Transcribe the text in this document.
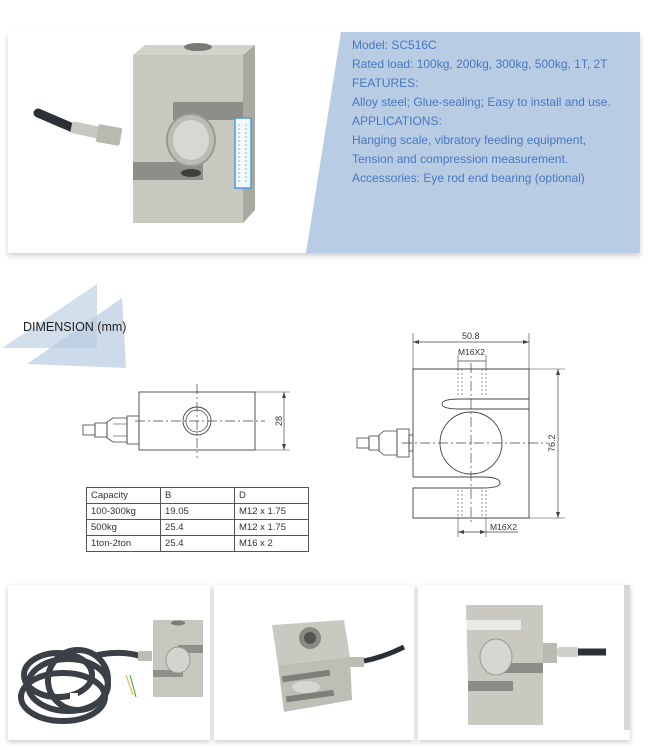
Model: SC516C
Rated load: 100kg, 200kg, 300kg, 500kg, 1T, 2T
FEATURES:
Alloy steel; Glue-sealing; Easy to install and use.
APPLICATIONS:
Hanging scale, vibratory feeding equipment,
Tension and compression measurement.
Accessories: Eye rod end bearing (optional)
DIMENSION (mm)
28
Capacity	B	D
100-300kg	19.05	M12 x 1.75
500kg	25.4	M12 x 1.75
1ton-2ton	25.4	M16 x 2
50.8
M16X2
76.2
M16X2
